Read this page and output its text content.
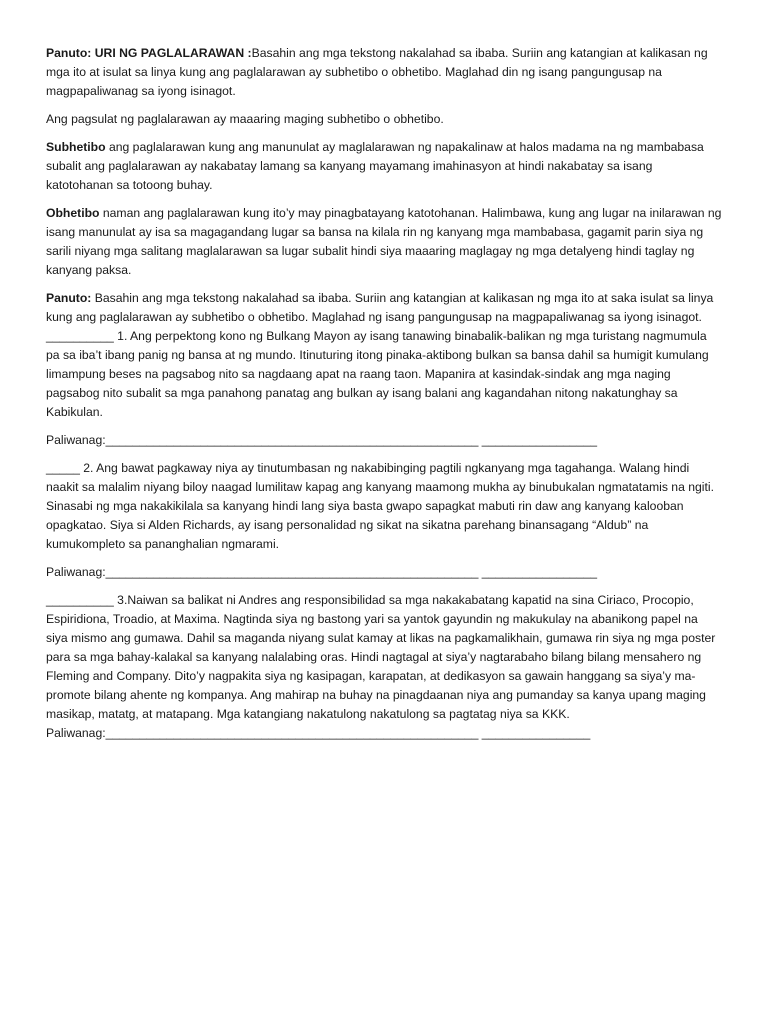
Panuto: URI NG PAGLALARAWAN :Basahin ang mga tekstong nakalahad sa ibaba. Suriin ang katangian at kalikasan ng mga ito at isulat sa linya kung ang paglalarawan ay subhetibo o obhetibo. Maglahad din ng isang pangungusap na magpapaliwanag sa iyong isinagot.

Ang pagsulat ng paglalarawan ay maaaring maging subhetibo o obhetibo.

Subhetibo ang paglalarawan kung ang manunulat ay maglalarawan ng napakalinaw at halos madama na ng mambabasa subalit ang paglalarawan ay nakabatay lamang sa kanyang mayamang imahinasyon at hindi nakabatay sa isang katotohanan sa totoong buhay.

Obhetibo naman ang paglalarawan kung ito’y may pinagbatayang katotohanan. Halimbawa, kung ang lugar na inilarawan ng isang manunulat ay isa sa magagandang lugar sa bansa na kilala rin ng kanyang mga mambabasa, gagamit parin siya ng sarili niyang mga salitang maglalarawan sa lugar subalit hindi siya maaaring maglagay ng mga detalyeng hindi taglay ng kanyang paksa.

Panuto: Basahin ang mga tekstong nakalahad sa ibaba. Suriin ang katangian at kalikasan ng mga ito at saka isulat sa linya kung ang paglalarawan ay subhetibo o obhetibo. Maglahad ng isang pangungusap na magpapaliwanag sa iyong isinagot. __________ 1. Ang perpektong kono ng Bulkang Mayon ay isang tanawing binabalik-balikan ng mga turistang nagmumula pa sa iba’t ibang panig ng bansa at ng mundo. Itinuturing itong pinaka-aktibong bulkan sa bansa dahil sa humigit kumulang limampung beses na pagsabog nito sa nagdaang apat na raang taon. Mapanira at kasindak-sindak ang mga naging pagsabog nito subalit sa mga panahong panatag ang bulkan ay isang balani ang kagandahan nitong nakatunghay sa Kabikulan.

Paliwanag:_______________________________________________________ _________________

_____ 2. Ang bawat pagkaway niya ay tinutumbasan ng nakabibinging pagtili ngkanyang mga tagahanga. Walang hindi naakit sa malalim niyang biloy naagad lumilitaw kapag ang kanyang maamong mukha ay binubukalan ngmatatamis na ngiti. Sinasabi ng mga nakakikilala sa kanyang hindi lang siya basta gwapo sapagkat mabuti rin daw ang kanyang kalooban opagkatao. Siya si Alden Richards, ay isang personalidad ng sikat na sikatna parehang binansagang “Aldub” na kumukompleto sa pananghalian ngmarami.

Paliwanag:_______________________________________________________ _________________

__________ 3.Naiwan sa balikat ni Andres ang responsibilidad sa mga nakakabatang kapatid na sina Ciriaco, Procopio, Espiridiona, Troadio, at Maxima. Nagtinda siya ng bastong yari sa yantok gayundin ng makukulay na abanikong papel na siya mismo ang gumawa. Dahil sa maganda niyang sulat kamay at likas na pagkamalikhain, gumawa rin siya ng mga poster para sa mga bahay-kalakal sa kanyang nalalabing oras. Hindi nagtagal at siya’y nagtarabaho bilang bilang mensahero ng Fleming and Company. Dito’y nagpakita siya ng kasipagan, karapatan, at dedikasyon sa gawain hanggang sa siya’y ma-promote bilang ahente ng kompanya. Ang mahirap na buhay na pinagdaanan niya ang pumanday sa kanya upang maging masikap, matatg, at matapang. Mga katangiang nakatulong nakatulong sa pagtatag niya sa KKK.

Paliwanag:_______________________________________________________ ________________
